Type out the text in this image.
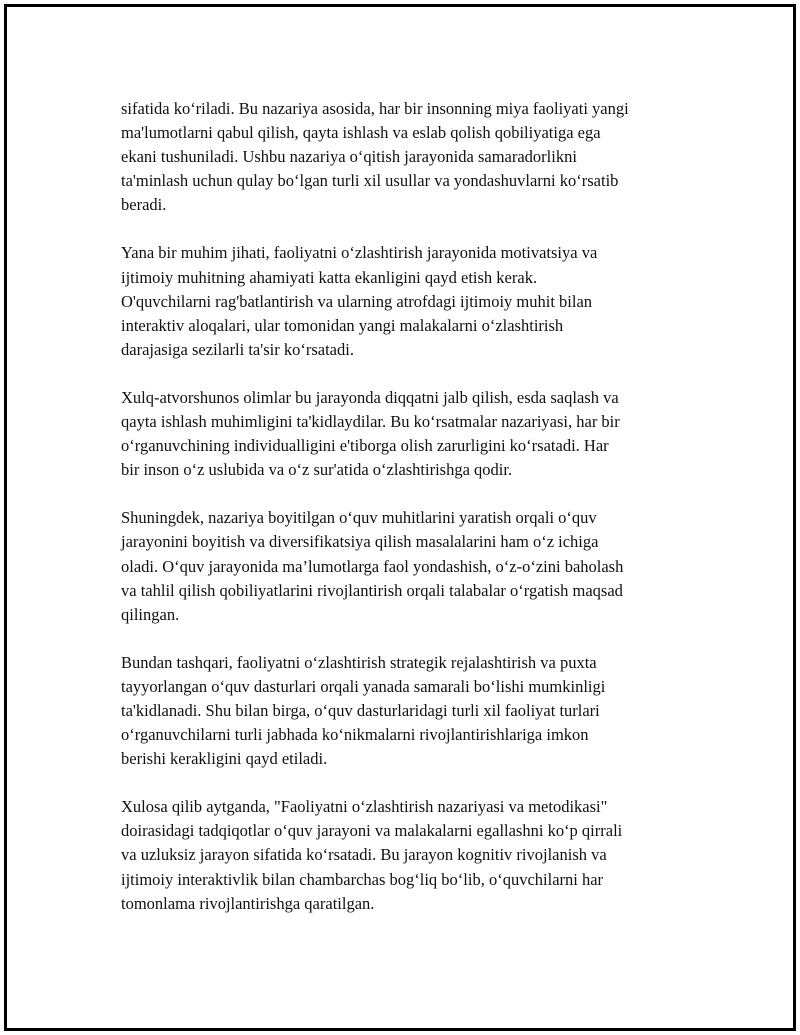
sifatida ko‘riladi. Bu nazariya asosida, har bir insonning miya faoliyati yangi
ma'lumotlarni qabul qilish, qayta ishlash va eslab qolish qobiliyatiga ega
ekani tushuniladi. Ushbu nazariya o‘qitish jarayonida samaradorlikni
ta'minlash uchun qulay bo‘lgan turli xil usullar va yondashuvlarni ko‘rsatib
beradi.

Yana bir muhim jihati, faoliyatni o‘zlashtirish jarayonida motivatsiya va
ijtimoiy muhitning ahamiyati katta ekanligini qayd etish kerak.
O'quvchilarni rag'batlantirish va ularning atrofdagi ijtimoiy muhit bilan
interaktiv aloqalari, ular tomonidan yangi malakalarni o‘zlashtirish
darajasiga sezilarli ta'sir ko‘rsatadi.

Xulq-atvorshunos olimlar bu jarayonda diqqatni jalb qilish, esda saqlash va
qayta ishlash muhimligini ta'kidlaydilar. Bu ko‘rsatmalar nazariyasi, har bir
o‘rganuvchining individualligini e'tiborga olish zarurligini ko‘rsatadi. Har
bir inson o‘z uslubida va o‘z sur'atida o‘zlashtirishga qodir.

Shuningdek, nazariya boyitilgan o‘quv muhitlarini yaratish orqali o‘quv
jarayonini boyitish va diversifikatsiya qilish masalalarini ham o‘z ichiga
oladi. O‘quv jarayonida ma’lumotlarga faol yondashish, o‘z-o‘zini baholash
va tahlil qilish qobiliyatlarini rivojlantirish orqali talabalar o‘rgatish maqsad
qilingan.

Bundan tashqari, faoliyatni o‘zlashtirish strategik rejalashtirish va puxta
tayyorlangan o‘quv dasturlari orqali yanada samarali bo‘lishi mumkinligi
ta'kidlanadi. Shu bilan birga, o‘quv dasturlaridagi turli xil faoliyat turlari
o‘rganuvchilarni turli jabhada ko‘nikmalarni rivojlantirishlariga imkon
berishi kerakligini qayd etiladi.

Xulosa qilib aytganda, "Faoliyatni o‘zlashtirish nazariyasi va metodikasi"
doirasidagi tadqiqotlar o‘quv jarayoni va malakalarni egallashni ko‘p qirrali
va uzluksiz jarayon sifatida ko‘rsatadi. Bu jarayon kognitiv rivojlanish va
ijtimoiy interaktivlik bilan chambarchas bog‘liq bo‘lib, o‘quvchilarni har
tomonlama rivojlantirishga qaratilgan.
